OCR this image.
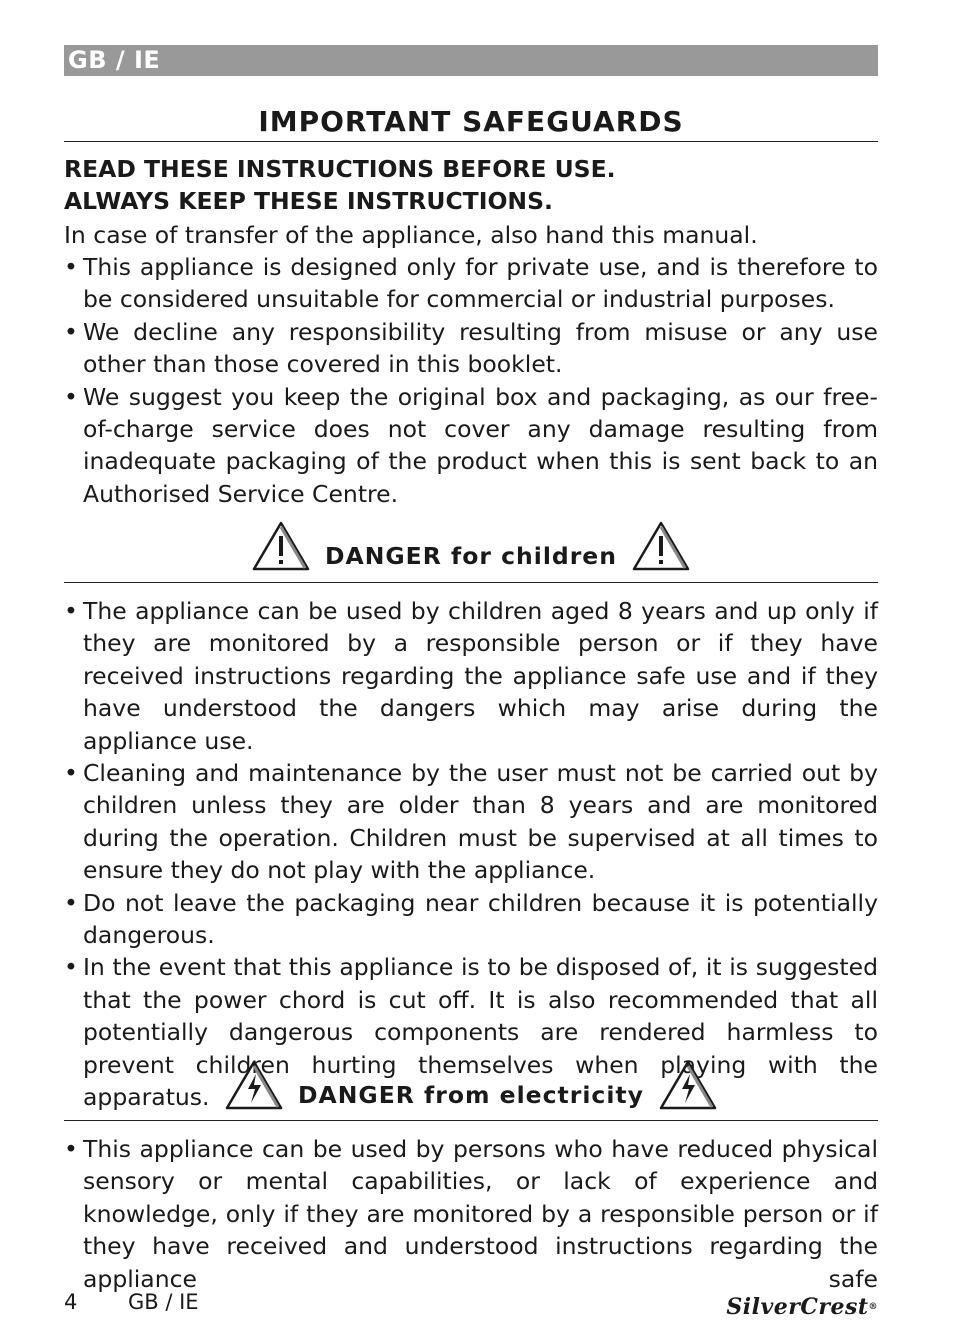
GB / IE
IMPORTANT SAFEGUARDS
READ THESE INSTRUCTIONS BEFORE USE.
ALWAYS KEEP THESE INSTRUCTIONS.
In case of transfer of the appliance, also hand this manual.
• This appliance is designed only for private use, and is therefore to be considered unsuitable for commercial or industrial purposes.
• We decline any responsibility resulting from misuse or any use other than those covered in this booklet.
• We suggest you keep the original box and packaging, as our free-of-charge service does not cover any damage resulting from inadequate packaging of the product when this is sent back to an Authorised Service Centre.
DANGER for children
• The appliance can be used by children aged 8 years and up only if they are monitored by a responsible person or if they have received instructions regarding the appliance safe use and if they have understood the dangers which may arise during the appliance use.
• Cleaning and maintenance by the user must not be carried out by children unless they are older than 8 years and are monitored during the operation. Children must be supervised at all times to ensure they do not play with the appliance.
• Do not leave the packaging near children because it is potentially dangerous.
• In the event that this appliance is to be disposed of, it is suggested that the power chord is cut off. It is also recommended that all potentially dangerous components are rendered harmless to prevent children hurting themselves when playing with the apparatus.	DANGER from electricity
• This appliance can be used by persons who have reduced physical sensory or mental capabilities, or lack of experience and knowledge, only if they are monitored by a responsible person or if they have received and understood instructions regarding the appliance safe
4 GB / IE	SilverCrest®
